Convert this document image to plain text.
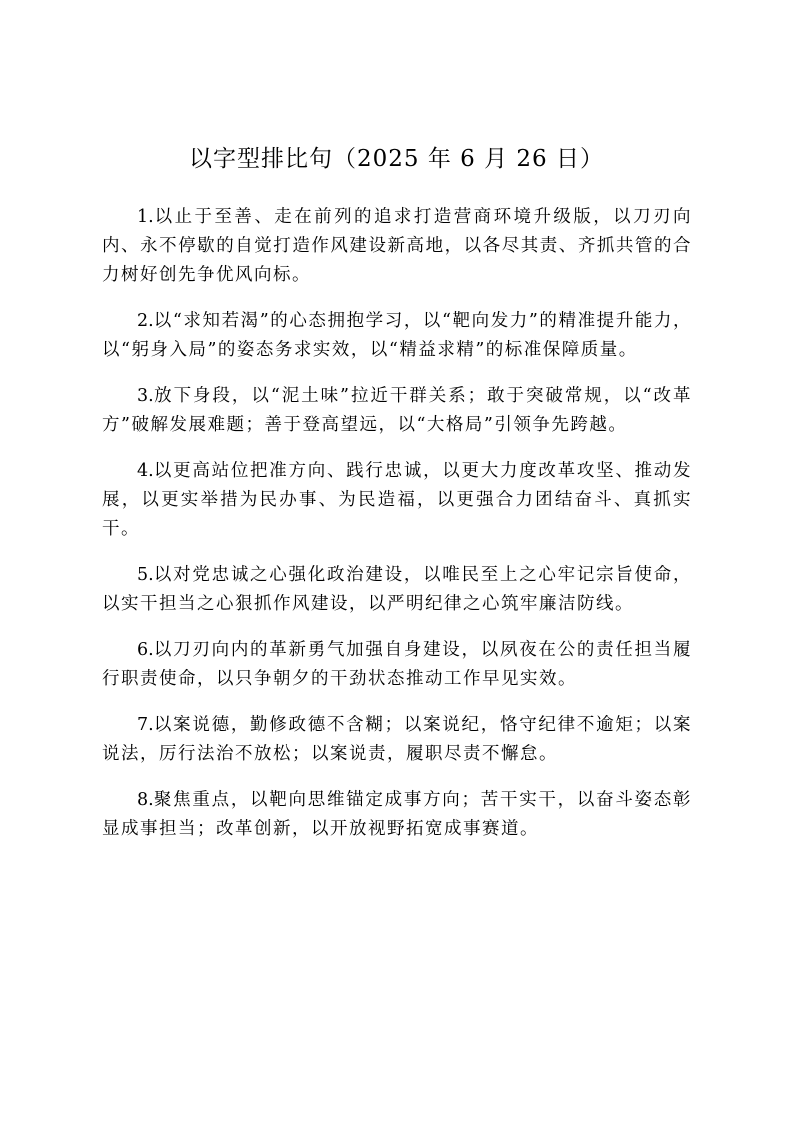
以字型排比句（2025 年 6 月 26 日）

1.以止于至善、走在前列的追求打造营商环境升级版，以刀刃向内、永不停歇的自觉打造作风建设新高地，以各尽其责、齐抓共管的合力树好创先争优风向标。

2.以“求知若渴”的心态拥抱学习，以“靶向发力”的精准提升能力，以“躬身入局”的姿态务求实效，以“精益求精”的标准保障质量。

3.放下身段，以“泥土味”拉近干群关系；敢于突破常规，以“改革方”破解发展难题；善于登高望远，以“大格局”引领争先跨越。

4.以更高站位把准方向、践行忠诚，以更大力度改革攻坚、推动发展，以更实举措为民办事、为民造福，以更强合力团结奋斗、真抓实干。

5.以对党忠诚之心强化政治建设，以唯民至上之心牢记宗旨使命，以实干担当之心狠抓作风建设，以严明纪律之心筑牢廉洁防线。

6.以刀刃向内的革新勇气加强自身建设，以夙夜在公的责任担当履行职责使命，以只争朝夕的干劲状态推动工作早见实效。

7.以案说德，勤修政德不含糊；以案说纪，恪守纪律不逾矩；以案说法，厉行法治不放松；以案说责，履职尽责不懈怠。

8.聚焦重点，以靶向思维锚定成事方向；苦干实干，以奋斗姿态彰显成事担当；改革创新，以开放视野拓宽成事赛道。
